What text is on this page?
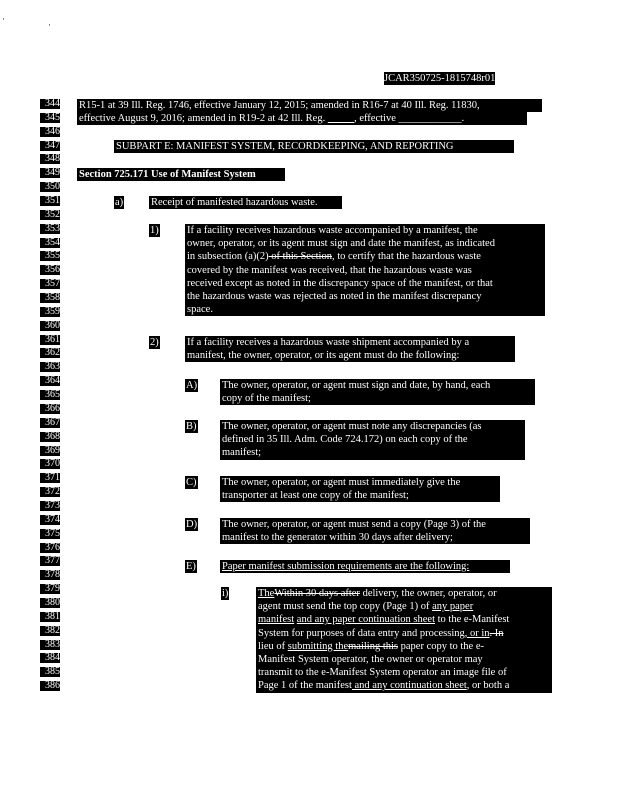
·
·
JCAR350725-1815748r01
344
345
346
347
348
349
350
351
352
353
354
355
356
357
358
359
360
361
362
363
364
365
366
367
368
369
370
371
372
373
374
375
376
377
378
379
380
381
382
383
384
385
386
R15-1 at 39 Ill. Reg. 1746, effective January 12, 2015; amended in R16-7 at 40 Ill. Reg. 11830,
effective August 9, 2016; amended in R19-2 at 42 Ill. Reg. _____, effective ____________.
SUBPART E: MANIFEST SYSTEM, RECORDKEEPING, AND REPORTING
Section 725.171 Use of Manifest System
a)	Receipt of manifested hazardous waste.
1)	If a facility receives hazardous waste accompanied by a manifest, the
owner, operator, or its agent must sign and date the manifest, as indicated
in subsection (a)(2) of this Section, to certify that the hazardous waste
covered by the manifest was received, that the hazardous waste was
received except as noted in the discrepancy space of the manifest, or that
the hazardous waste was rejected as noted in the manifest discrepancy
space.
2)	If a facility receives a hazardous waste shipment accompanied by a
manifest, the owner, operator, or its agent must do the following:
A) The owner, operator, or agent must sign and date, by hand, each
copy of the manifest;
B) The owner, operator, or agent must note any discrepancies (as
defined in 35 Ill. Adm. Code 724.172) on each copy of the
manifest;
C) The owner, operator, or agent must immediately give the
transporter at least one copy of the manifest;
D) The owner, operator, or agent must send a copy (Page 3) of the
manifest to the generator within 30 days after delivery;
E) Paper manifest submission requirements are the following:
i)	TheWithin 30 days after delivery, the owner, operator, or
agent must send the top copy (Page 1) of any paper
manifest and any paper continuation sheet to the e-Manifest
System for purposes of data entry and processing, or in. In
lieu of submitting themailing this paper copy to the e-
Manifest System operator, the owner or operator may
transmit to the e-Manifest System operator an image file of
Page 1 of the manifest and any continuation sheet, or both a
